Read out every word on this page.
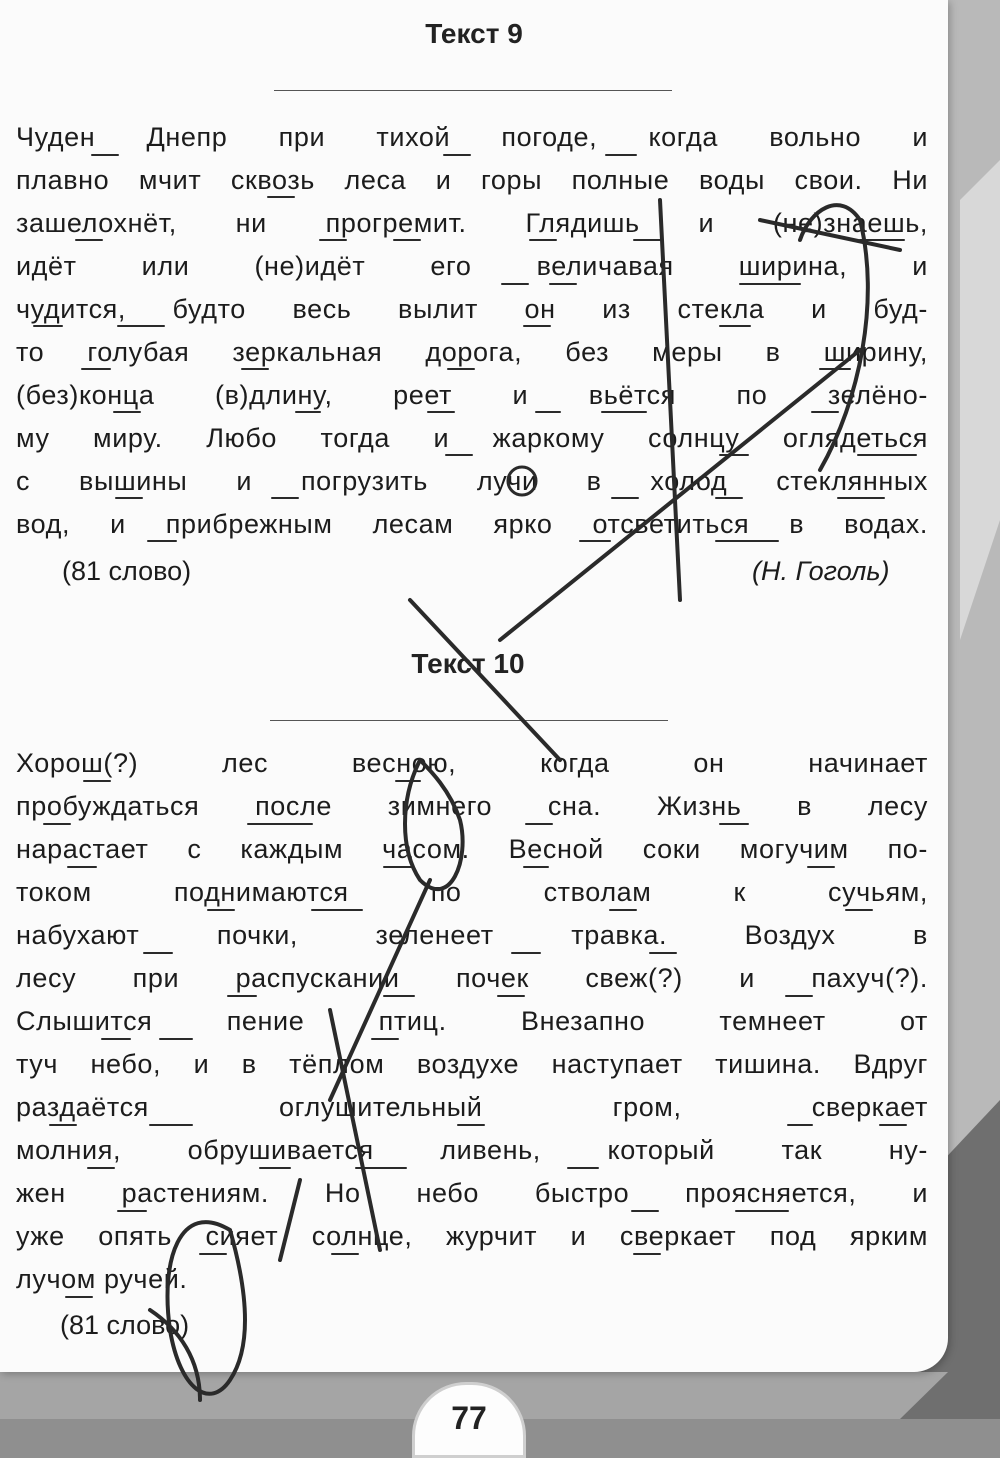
Текст 9
Чуден Днепр при тихой погоде, когда вольно и
плавно мчит сквозь леса и горы полные воды свои. Ни
зашелохнёт, ни прогремит. Глядишь и (не)знаешь,
идёт или (не)идёт его величавая ширина, и
чудится, будто весь вылит он из стекла и буд-
то голубая зеркальная дорога, без меры в ширину,
(без)конца (в)длину, реет и вьётся по зелёно-
му миру. Любо тогда и жаркому солнцу оглядеться
с вышины и погрузить лучи в холод стеклянных
вод, и прибрежным лесам ярко отсветиться в водах.
(81 слово)	(Н. Гоголь)
Текст 10
Хорош(?) лес весною, когда он начинает
пробуждаться после зимнего сна. Жизнь в лесу
нарастает с каждым часом. Весной соки могучим по-
током поднимаются по стволам к сучьям,
набухают почки, зеленеет травка. Воздух в
лесу при распускании почек свеж(?) и пахуч(?).
Слышится пение птиц. Внезапно темнеет от
туч небо, и в тёплом воздухе наступает тишина. Вдруг
раздаётся оглушительный гром, сверкает
молния, обрушивается ливень, который так ну-
жен растениям. Но небо быстро проясняется, и
уже опять сияет солнце, журчит и сверкает под ярким
лучом ручей.
(81 слово)
77
